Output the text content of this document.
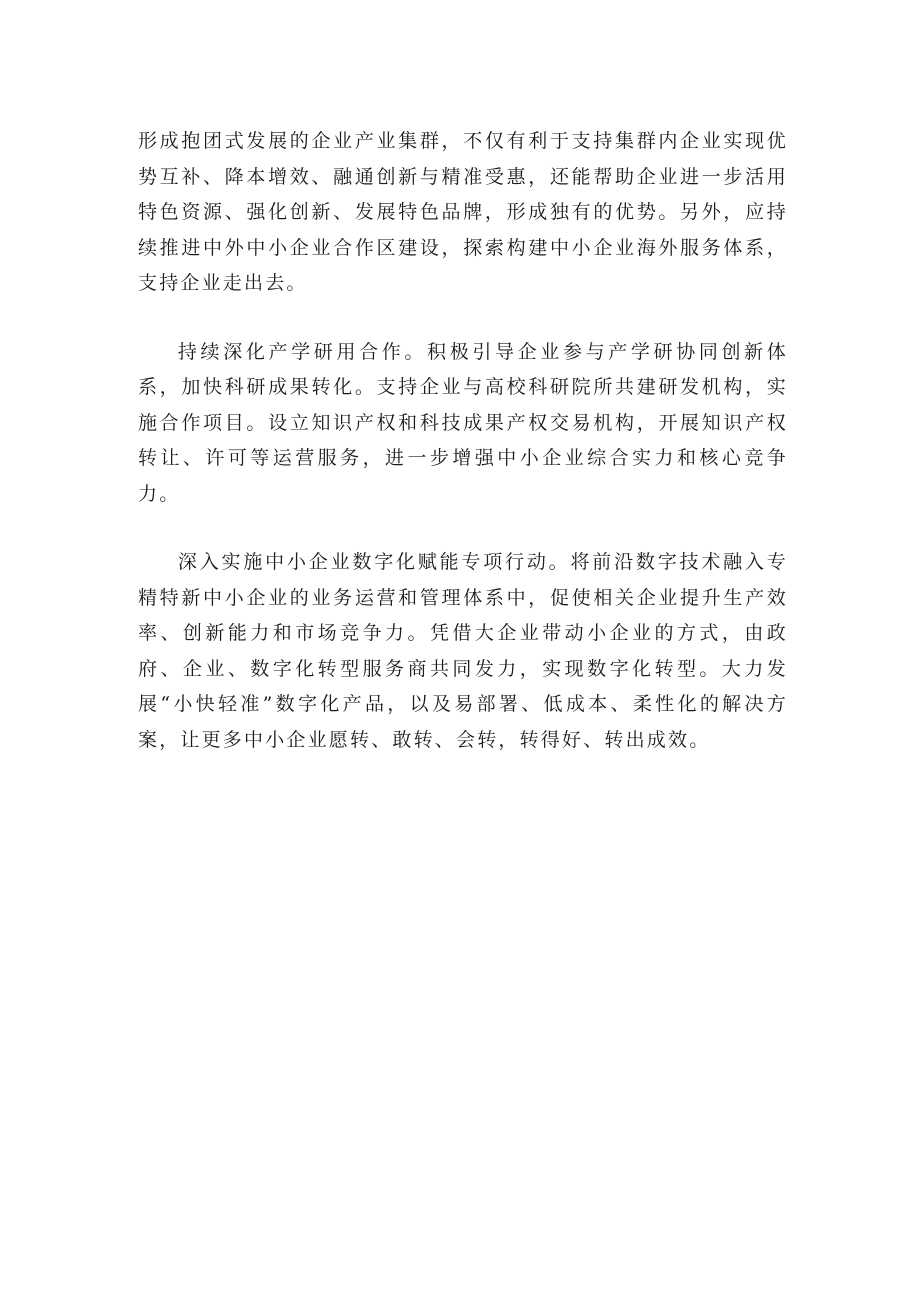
形成抱团式发展的企业产业集群，不仅有利于支持集群内企业实现优势互补、降本增效、融通创新与精准受惠，还能帮助企业进一步活用特色资源、强化创新、发展特色品牌，形成独有的优势。另外，应持续推进中外中小企业合作区建设，探索构建中小企业海外服务体系，支持企业走出去。

持续深化产学研用合作。积极引导企业参与产学研协同创新体系，加快科研成果转化。支持企业与高校科研院所共建研发机构，实施合作项目。设立知识产权和科技成果产权交易机构，开展知识产权转让、许可等运营服务，进一步增强中小企业综合实力和核心竞争力。

深入实施中小企业数字化赋能专项行动。将前沿数字技术融入专精特新中小企业的业务运营和管理体系中，促使相关企业提升生产效率、创新能力和市场竞争力。凭借大企业带动小企业的方式，由政府、企业、数字化转型服务商共同发力，实现数字化转型。大力发展“小快轻准”数字化产品，以及易部署、低成本、柔性化的解决方案，让更多中小企业愿转、敢转、会转，转得好、转出成效。
